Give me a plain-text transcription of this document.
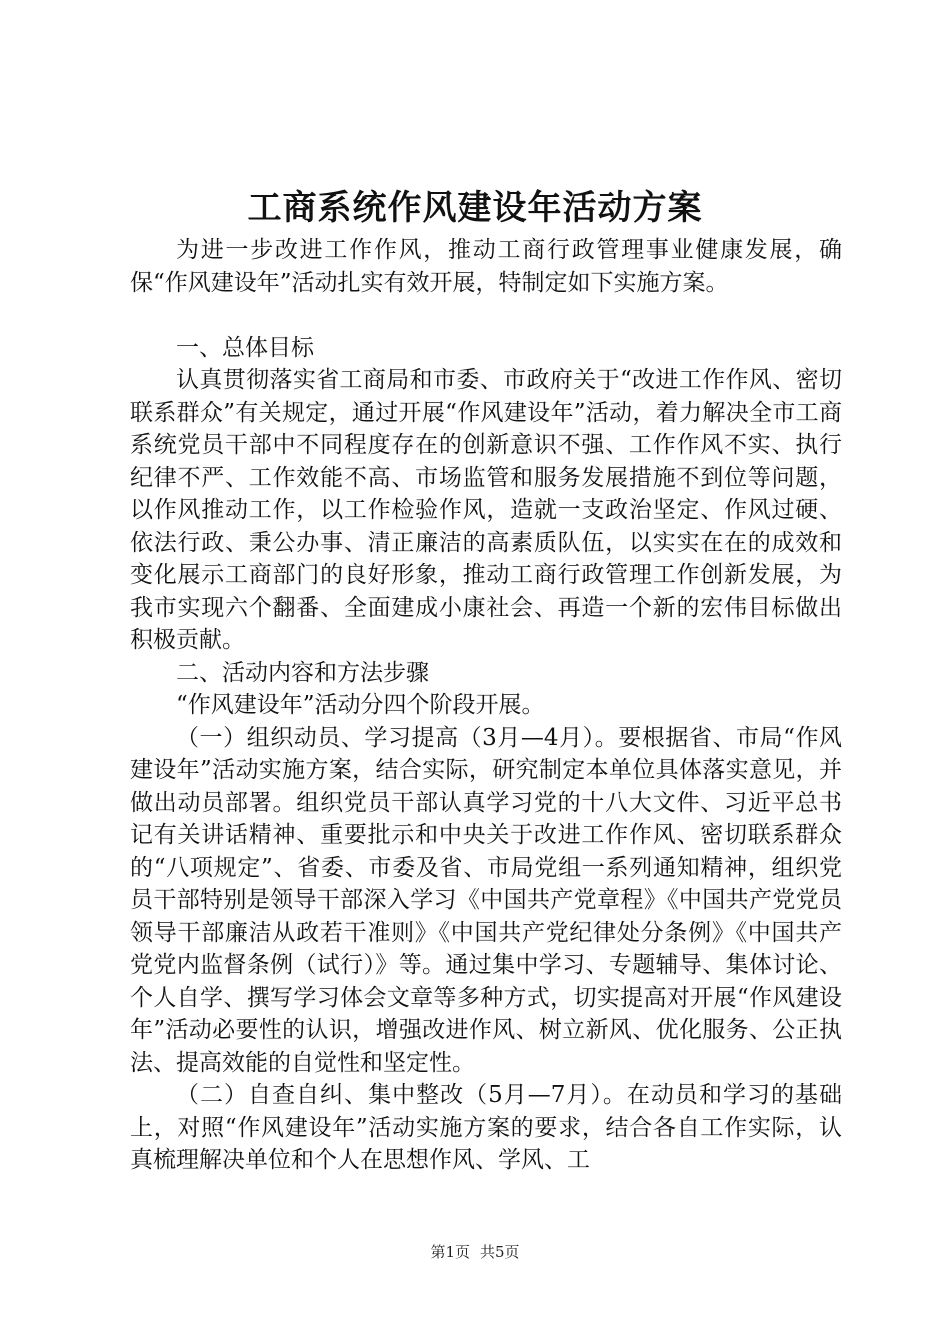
工商系统作风建设年活动方案

为进一步改进工作作风，推动工商行政管理事业健康发展，确保“作风建设年”活动扎实有效开展，特制定如下实施方案。

一、总体目标

认真贯彻落实省工商局和市委、市政府关于“改进工作作风、密切联系群众”有关规定，通过开展“作风建设年”活动，着力解决全市工商系统党员干部中不同程度存在的创新意识不强、工作作风不实、执行纪律不严、工作效能不高、市场监管和服务发展措施不到位等问题，以作风推动工作，以工作检验作风，造就一支政治坚定、作风过硬、依法行政、秉公办事、清正廉洁的高素质队伍，以实实在在的成效和变化展示工商部门的良好形象，推动工商行政管理工作创新发展，为我市实现六个翻番、全面建成小康社会、再造一个新的宏伟目标做出积极贡献。

二、活动内容和方法步骤

“作风建设年”活动分四个阶段开展。

（一）组织动员、学习提高（3月—4月）。要根据省、市局“作风建设年”活动实施方案，结合实际，研究制定本单位具体落实意见，并做出动员部署。组织党员干部认真学习党的十八大文件、习近平总书记有关讲话精神、重要批示和中央关于改进工作作风、密切联系群众的“八项规定”、省委、市委及省、市局党组一系列通知精神，组织党员干部特别是领导干部深入学习《中国共产党章程》《中国共产党党员领导干部廉洁从政若干准则》《中国共产党纪律处分条例》《中国共产党党内监督条例（试行）》等。通过集中学习、专题辅导、集体讨论、个人自学、撰写学习体会文章等多种方式，切实提高对开展“作风建设年”活动必要性的认识，增强改进作风、树立新风、优化服务、公正执法、提高效能的自觉性和坚定性。

（二）自查自纠、集中整改（5月—7月）。在动员和学习的基础上，对照“作风建设年”活动实施方案的要求，结合各自工作实际，认真梳理解决单位和个人在思想作风、学风、工

第1页 共5页
